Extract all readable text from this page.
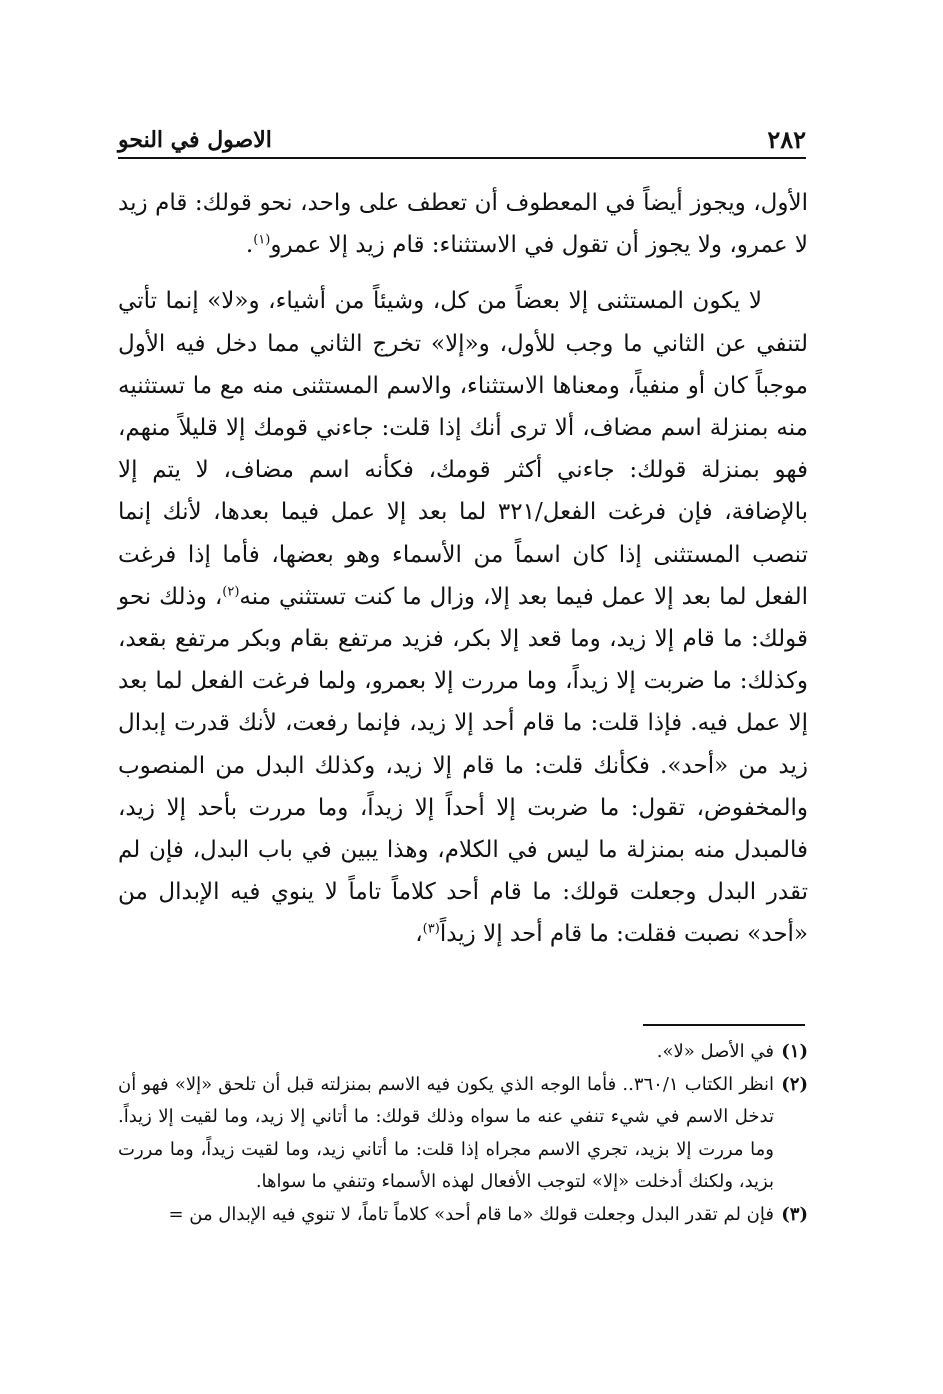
٢٨٢
الاصول في النحو

الأول، ويجوز أيضاً في المعطوف أن تعطف على واحد، نحو قولك: قام زيد لا عمرو، ولا يجوز أن تقول في الاستثناء: قام زيد إلا عمرو$^{(١)}$.

لا يكون المستثنى إلا بعضاً من كل، وشيئاً من أشياء، و«لا» إنما تأتي لتنفي عن الثاني ما وجب للأول، و«إلا» تخرج الثاني مما دخل فيه الأول موجباً كان أو منفياً، ومعناها الاستثناء، والاسم المستثنى منه مع ما تستثنيه منه بمنزلة اسم مضاف، ألا ترى أنك إذا قلت: جاءني قومك إلا قليلاً منهم، فهو بمنزلة قولك: جاءني أكثر قومك، فكأنه اسم مضاف، لا يتم إلا بالإضافة، فإن فرغت الفعل/٣٢١ لما بعد إلا عمل فيما بعدها، لأنك إنما تنصب المستثنى إذا كان اسماً من الأسماء وهو بعضها، فأما إذا فرغت الفعل لما بعد إلا عمل فيما بعد إلا، وزال ما كنت تستثني منه$^{(٢)}$، وذلك نحو قولك: ما قام إلا زيد، وما قعد إلا بكر، فزيد مرتفع بقام وبكر مرتفع بقعد، وكذلك: ما ضربت إلا زيداً، وما مررت إلا بعمرو، ولما فرغت الفعل لما بعد إلا عمل فيه. فإذا قلت: ما قام أحد إلا زيد، فإنما رفعت، لأنك قدرت إبدال زيد من «أحد». فكأنك قلت: ما قام إلا زيد، وكذلك البدل من المنصوب والمخفوض، تقول: ما ضربت إلا أحداً إلا زيداً، وما مررت بأحد إلا زيد، فالمبدل منه بمنزلة ما ليس في الكلام، وهذا يبين في باب البدل، فإن لم تقدر البدل وجعلت قولك: ما قام أحد كلاماً تاماً لا ينوي فيه الإبدال من «أحد» نصبت فقلت: ما قام أحد إلا زيداً$^{(٣)}$،

(١)
في الأصل «لا».

(٢)
انظر الكتاب ٣٦٠/١.. فأما الوجه الذي يكون فيه الاسم بمنزلته قبل أن تلحق «إلا» فهو أن تدخل الاسم في شيء تنفي عنه ما سواه وذلك قولك: ما أتاني إلا زيد، وما لقيت إلا زيداً. وما مررت إلا بزيد، تجري الاسم مجراه إذا قلت: ما أتاني زيد، وما لقيت زيداً، وما مررت بزيد، ولكنك أدخلت «إلا» لتوجب الأفعال لهذه الأسماء وتنفي ما سواها.

(٣)
فإن لم تقدر البدل وجعلت قولك «ما قام أحد» كلاماً تاماً، لا تنوي فيه الإبدال من =
